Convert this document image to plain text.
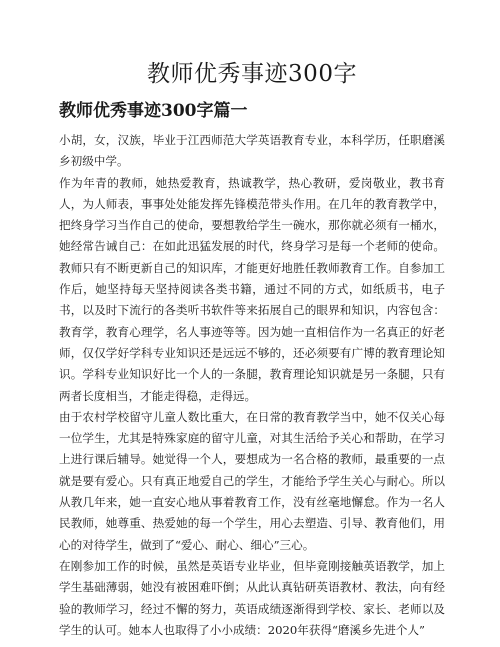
教师优秀事迹300字
教师优秀事迹300字篇一

小胡，女，汉族，毕业于江西师范大学英语教育专业，本科学历，任职磨溪乡初级中学。

作为年青的教师，她热爱教育，热诚教学，热心教研，爱岗敬业，教书育人，为人师表，事事处处能发挥先锋模范带头作用。在几年的教育教学中，把终身学习当作自己的使命，要想教给学生一碗水，那你就必须有一桶水，她经常告诫自己：在如此迅猛发展的时代，终身学习是每一个老师的使命。教师只有不断更新自己的知识库，才能更好地胜任教师教育工作。自参加工作后，她坚持每天坚持阅读各类书籍，通过不同的方式，如纸质书，电子书，以及时下流行的各类听书软件等来拓展自己的眼界和知识，内容包含：教育学，教育心理学，名人事迹等等。因为她一直相信作为一名真正的好老师，仅仅学好学科专业知识还是远远不够的，还必须要有广博的教育理论知识。学科专业知识好比一个人的一条腿，教育理论知识就是另一条腿，只有两者长度相当，才能走得稳，走得远。

由于农村学校留守儿童人数比重大，在日常的教育教学当中，她不仅关心每一位学生，尤其是特殊家庭的留守儿童，对其生活给予关心和帮助，在学习上进行课后辅导。她觉得一个人，要想成为一名合格的教师，最重要的一点就是要有爱心。只有真正地爱自己的学生，才能给予学生关心与耐心。所以从教几年来，她一直安心地从事着教育工作，没有丝毫地懈怠。作为一名人民教师，她尊重、热爱她的每一个学生，用心去塑造、引导、教育他们，用心的对待学生，做到了“爱心、耐心、细心”三心。

在刚参加工作的时候，虽然是英语专业毕业，但毕竟刚接触英语教学，加上学生基础薄弱，她没有被困难吓倒；从此认真钻研英语教材、教法，向有经验的教师学习，经过不懈的努力，英语成绩逐渐得到学校、家长、老师以及学生的认可。她本人也取得了小小成绩：2020年获得“磨溪乡先进个人”
